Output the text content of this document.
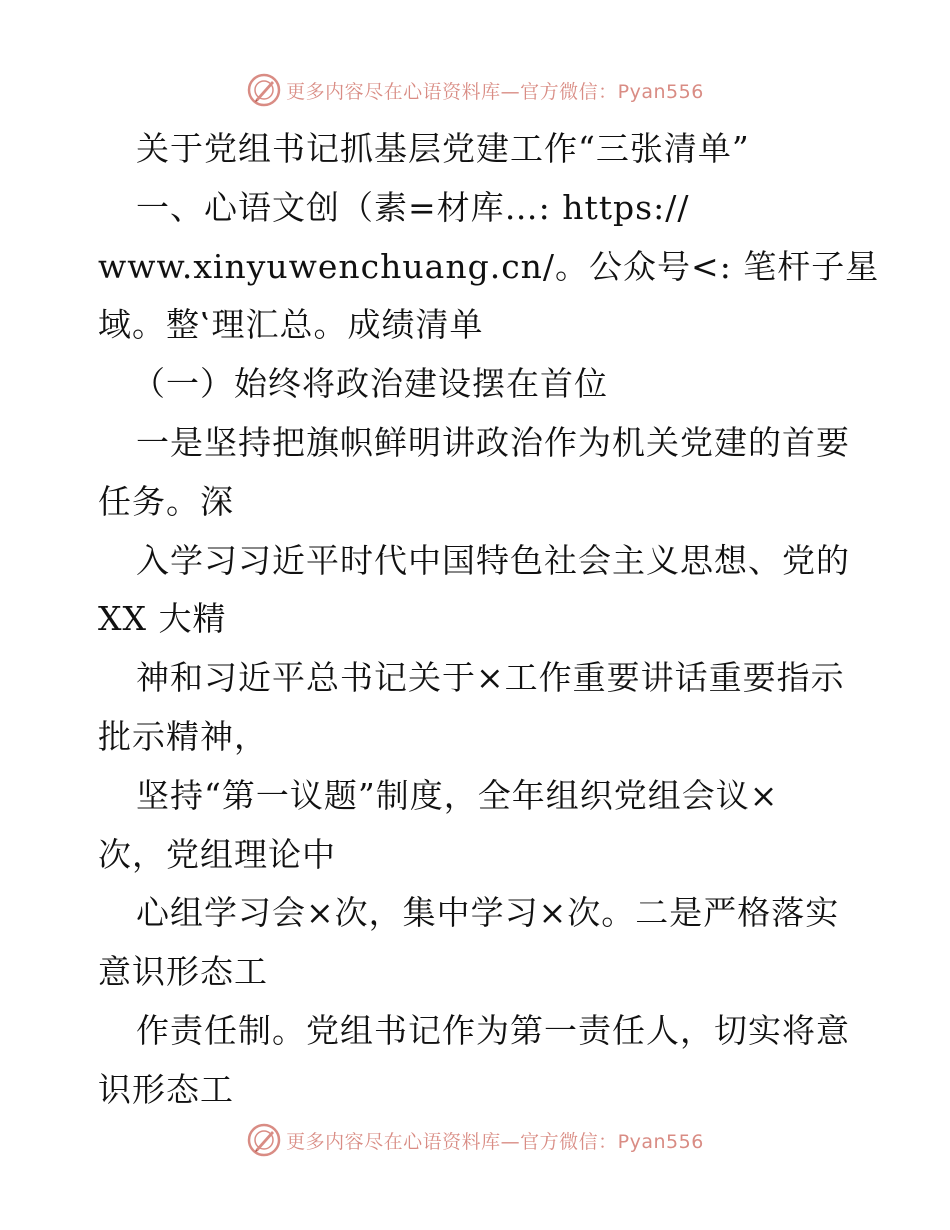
更多内容尽在心语资料库—官方微信：Pyan556
关于党组书记抓基层党建工作“三张清单”
一、心语文创（素=材库…: https://
www.xinyuwenchuang.cn/。公众号<: 笔杆子星
域。整‛理汇总。成绩清单
（一）始终将政治建设摆在首位
一是坚持把旗帜鲜明讲政治作为机关党建的首要
任务。深
入学习习近平时代中国特色社会主义思想、党的
XX 大精
神和习近平总书记关于×工作重要讲话重要指示
批示精神，
坚持“第一议题”制度，全年组织党组会议×
次，党组理论中
心组学习会×次，集中学习×次。二是严格落实
意识形态工
作责任制。党组书记作为第一责任人，切实将意
识形态工
更多内容尽在心语资料库—官方微信：Pyan556
